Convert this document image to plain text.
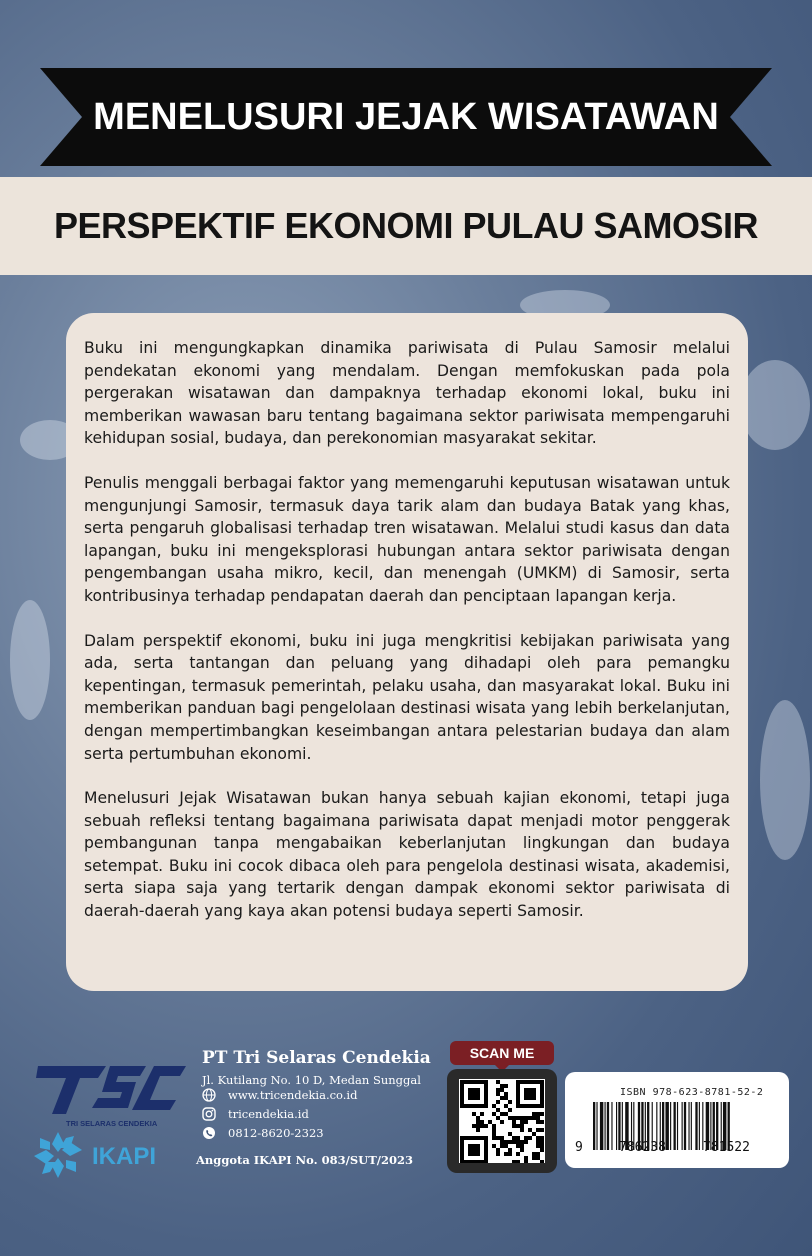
MENELUSURI JEJAK WISATAWAN
PERSPEKTIF EKONOMI PULAU SAMOSIR

Buku ini mengungkapkan dinamika pariwisata di Pulau Samosir melalui pendekatan ekonomi yang mendalam. Dengan memfokuskan pada pola pergerakan wisatawan dan dampaknya terhadap ekonomi lokal, buku ini memberikan wawasan baru tentang bagaimana sektor pariwisata mempengaruhi kehidupan sosial, budaya, dan perekonomian masyarakat sekitar.

Penulis menggali berbagai faktor yang memengaruhi keputusan wisatawan untuk mengunjungi Samosir, termasuk daya tarik alam dan budaya Batak yang khas, serta pengaruh globalisasi terhadap tren wisatawan. Melalui studi kasus dan data lapangan, buku ini mengeksplorasi hubungan antara sektor pariwisata dengan pengembangan usaha mikro, kecil, dan menengah (UMKM) di Samosir, serta kontribusinya terhadap pendapatan daerah dan penciptaan lapangan kerja.

Dalam perspektif ekonomi, buku ini juga mengkritisi kebijakan pariwisata yang ada, serta tantangan dan peluang yang dihadapi oleh para pemangku kepentingan, termasuk pemerintah, pelaku usaha, dan masyarakat lokal. Buku ini memberikan panduan bagi pengelolaan destinasi wisata yang lebih berkelanjutan, dengan mempertimbangkan keseimbangan antara pelestarian budaya dan alam serta pertumbuhan ekonomi.

Menelusuri Jejak Wisatawan bukan hanya sebuah kajian ekonomi, tetapi juga sebuah refleksi tentang bagaimana pariwisata dapat menjadi motor penggerak pembangunan tanpa mengabaikan keberlanjutan lingkungan dan budaya setempat. Buku ini cocok dibaca oleh para pengelola destinasi wisata, akademisi, serta siapa saja yang tertarik dengan dampak ekonomi sektor pariwisata di daerah-daerah yang kaya akan potensi budaya seperti Samosir.

TRI SELARAS CENDEKIA
IKAPI
PT Tri Selaras Cendekia
Jl. Kutilang No. 10 D, Medan Sunggal
www.tricendekia.co.id
tricendekia.id
0812-8620-2323
Anggota IKAPI No. 083/SUT/2023
SCAN ME
ISBN 978-623-8781-52-2
9	786238	781522
